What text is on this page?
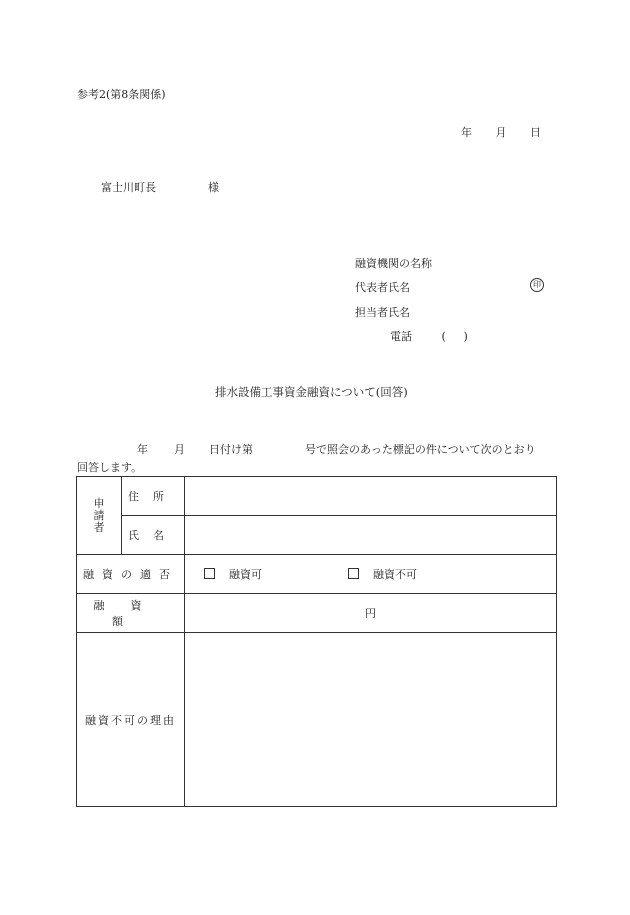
参考2(第8条関係)
年 月 日
富士川町長	様
融資機関の名称
代表者氏名	印
担当者氏名
電話	( )
排水設備工事資金融資について(回答)
年 月 日付け第	号で照会のあった標記の件について次のとおり
回答します。
申請者	住所	
	氏名	
融資の適否		融資可 融資不可
融資額		円
融資不可の理由		
